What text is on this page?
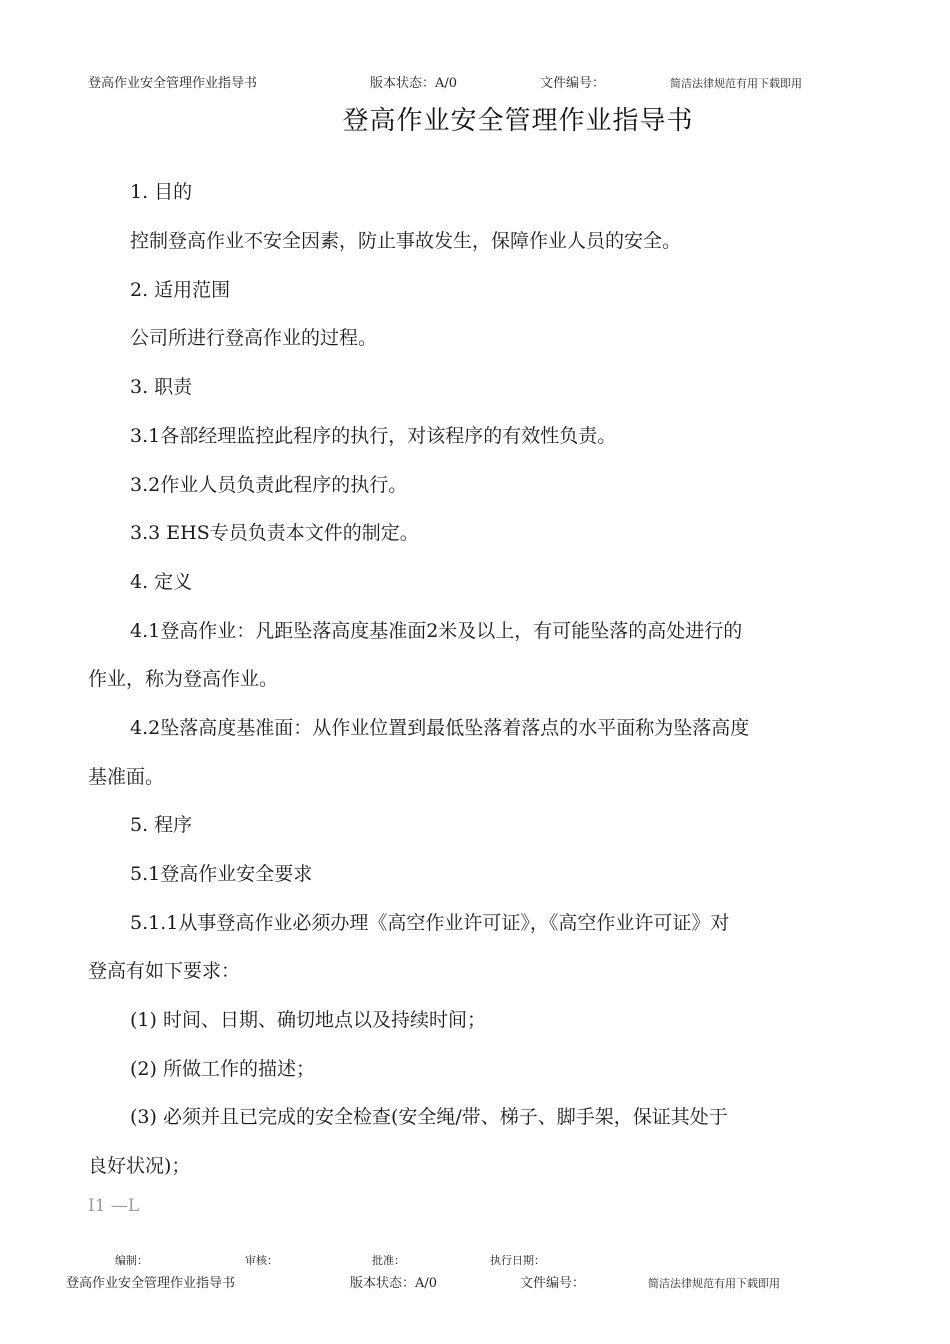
登高作业安全管理作业指导书	版本状态：A/0	文件编号：	简洁法律规范有用下载即用
登高作业安全管理作业指导书
1. 目的
控制登高作业不安全因素，防止事故发生，保障作业人员的安全。
2. 适用范围
公司所进行登高作业的过程。
3. 职责
3.1各部经理监控此程序的执行，对该程序的有效性负责。
3.2作业人员负责此程序的执行。
3.3 EHS专员负责本文件的制定。
4. 定义
4.1登高作业：凡距坠落高度基准面2米及以上，有可能坠落的高处进行的
作业，称为登高作业。
4.2坠落高度基准面：从作业位置到最低坠落着落点的水平面称为坠落高度
基准面。
5. 程序
5.1登高作业安全要求
5.1.1从事登高作业必须办理《高空作业许可证》，《高空作业许可证》对
登高有如下要求：
(1) 时间、日期、确切地点以及持续时间；
(2) 所做工作的描述；
(3) 必须并且已完成的安全检查(安全绳/带、梯子、脚手架，保证其处于
良好状况)；
I1 —L
编制：	审核：	批准：	执行日期：
登高作业安全管理作业指导书	版本状态：A/0	文件编号：	简洁法律规范有用下载即用
